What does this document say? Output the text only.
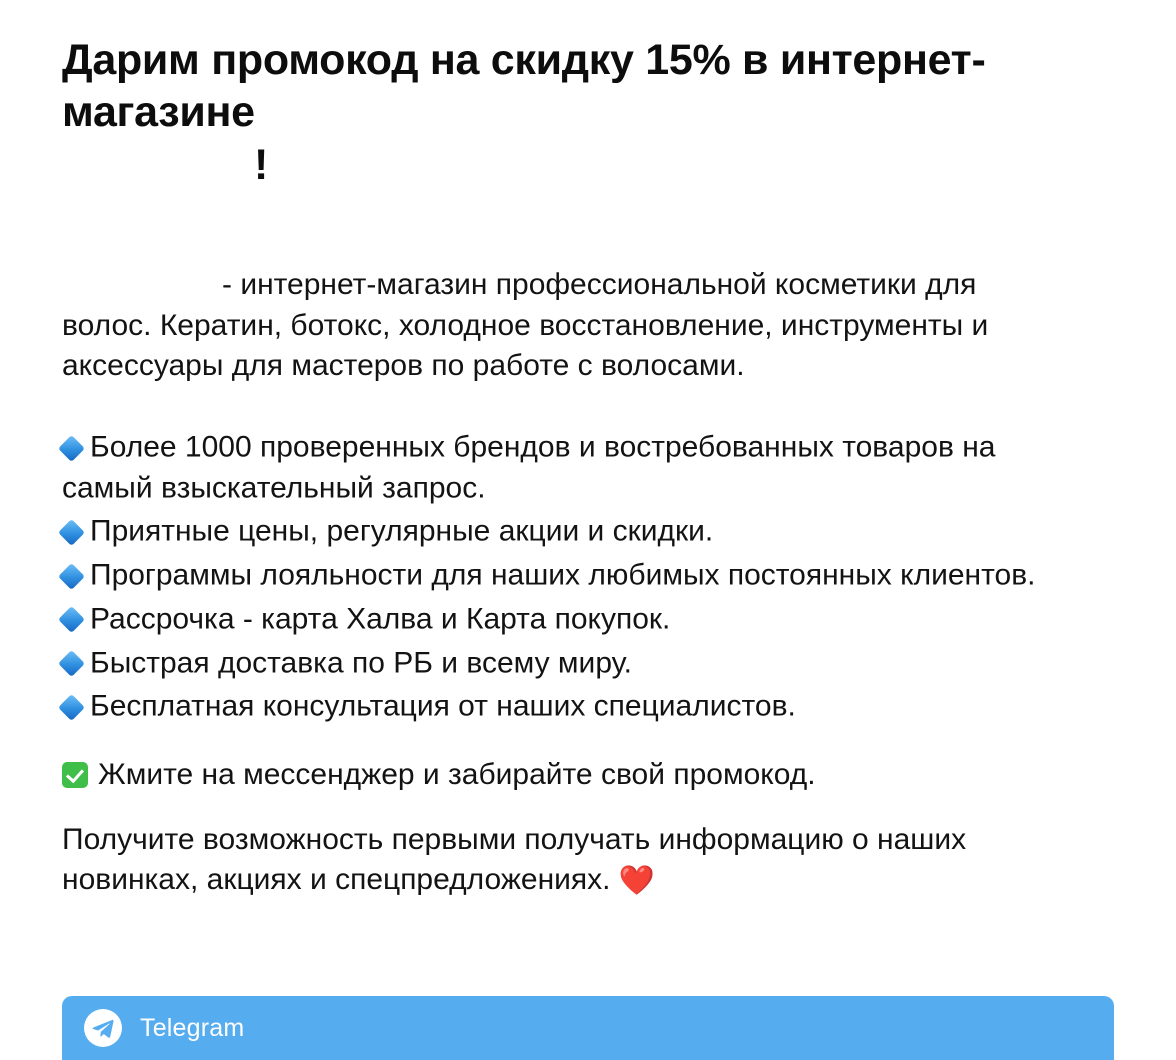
Дарим промокод на скидку 15% в интернет-магазине
!

- интернет-магазин профессиональной косметики для волос. Кератин, ботокс, холодное восстановление, инструменты и аксессуары для мастеров по работе с волосами.

Более 1000 проверенных брендов и востребованных товаров на самый взыскательный запрос.
Приятные цены, регулярные акции и скидки.
Программы лояльности для наших любимых постоянных клиентов.
Рассрочка - карта Халва и Карта покупок.
Быстрая доставка по РБ и всему миру.
Бесплатная консультация от наших специалистов.

Жмите на мессенджер и забирайте свой промокод.

Получите возможность первыми получать информацию о наших новинках, акциях и спецпредложениях. ❤️

Telegram
